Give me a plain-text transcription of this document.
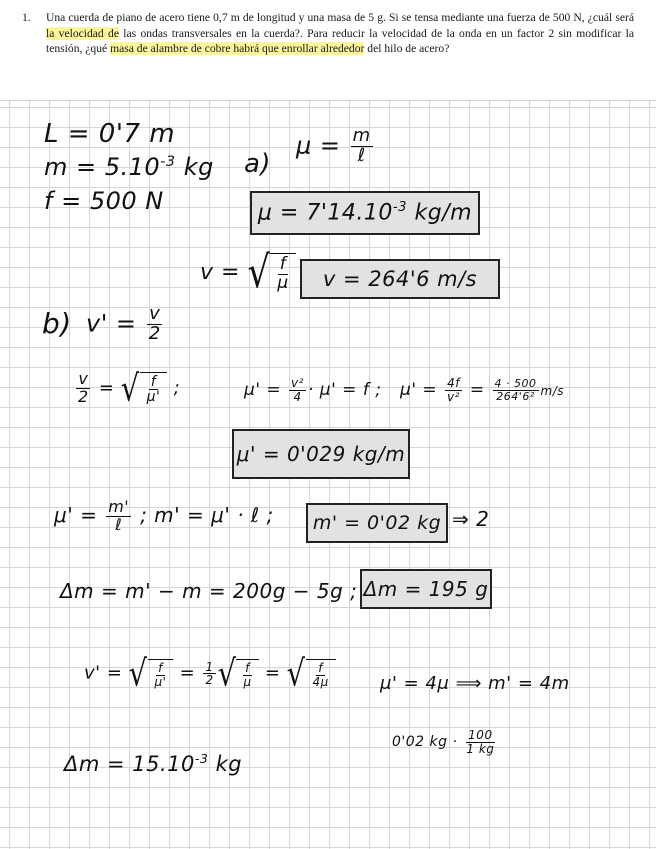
1. Una cuerda de piano de acero tiene 0,7 m de longitud y una masa de 5 g. Si se tensa mediante una fuerza de 500 N, ¿cuál será la velocidad de las ondas transversales en la cuerda?. Para reducir la velocidad de la onda en un factor 2 sin modificar la tensión, ¿qué masa de alambre de cobre habrá que enrollar alrededor del hilo de acero?

L = 0'7 m
$m = 5.10^{-3}$ kg
f = 500 N
a)
$\mu = \frac{m}{\text{ℓ}}$
$\mu = 7'14.10^{-3}$ kg/m
v = √ $\frac{f}{\mu}$ v = 264'6 m/s
b) $v' = \frac{v}{2}$
$\frac{v}{2}$ = √ $\frac{f}{\mu'}$ ;	$\mu' = \frac{\text{v²}}{4} \cdot \mu' = f$ ; $\mu' = \frac{4f}{\text{v²}} = \frac{4 \cdot 500}{\text{264'6²}} m/s$
μ' = 0'029 kg/m
$\mu' = \frac{m'}{\text{ℓ}}$ ; m' = μ' · ℓ ; m' = 0'02 kg ⇒ 2
Δm = m' − m = 200g − 5g ; Δm = 195 g
v' = √ $\frac{f}{\mu'} = \frac{1}{2}$ √ $\frac{f}{\mu}$ = √ $\frac{f}{4\mu}$	μ' = 4μ ⟹ m' = 4m
0'02 kg · $\frac{100}{1 kg}$
$\Delta m = 15.10^{-3}$ kg
